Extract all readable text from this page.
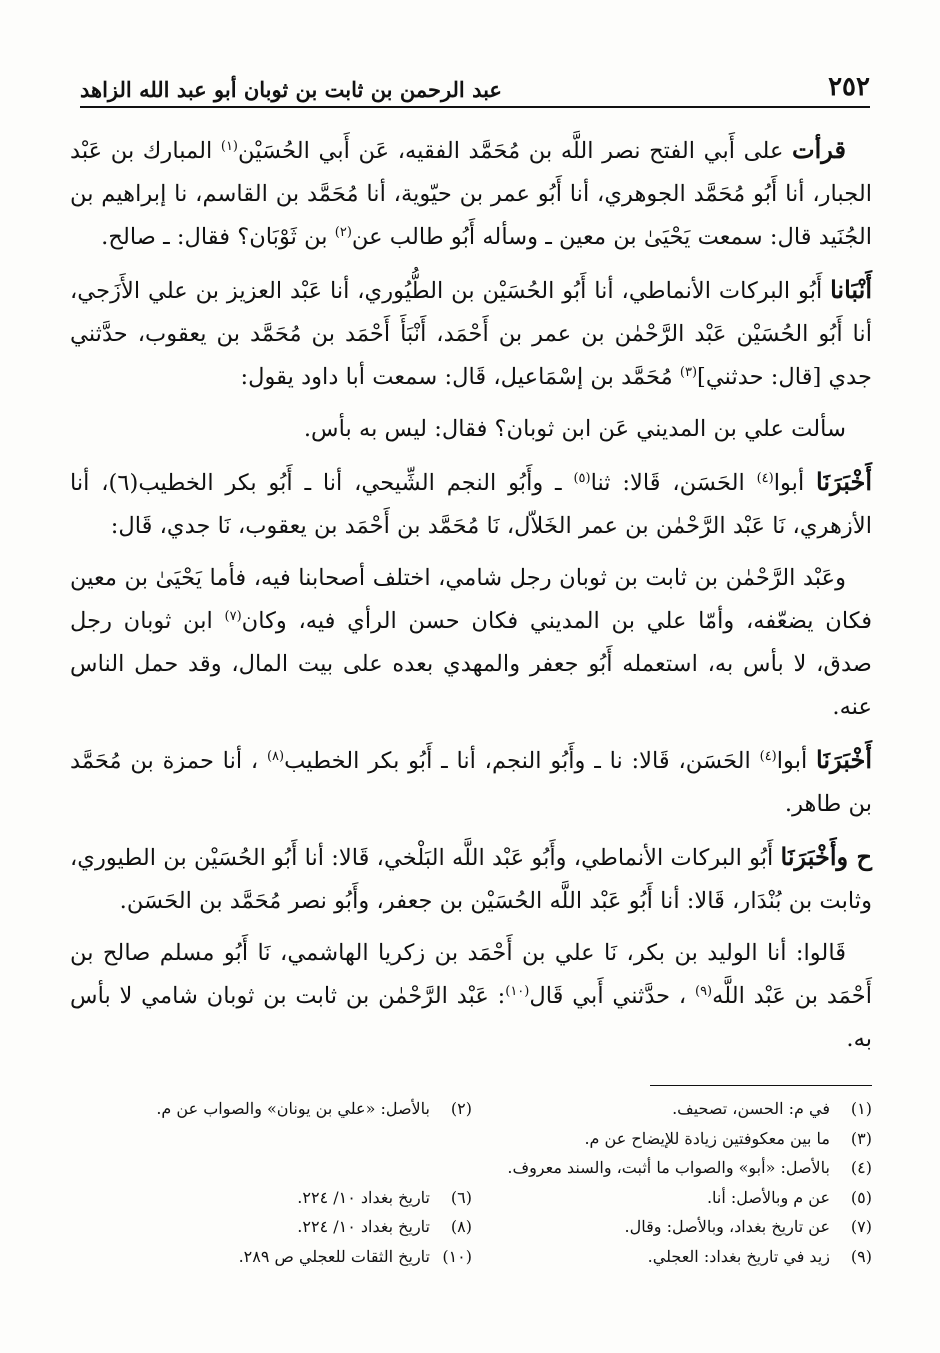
٢٥٢
عبد الرحمن بن ثابت بن ثوبان أبو عبد الله الزاهد

قرأت على أَبي الفتح نصر اللَّه بن مُحَمَّد الفقيه، عَن أَبي الحُسَيْن$^{(١)}$ المبارك بن عَبْد الجبار، أنا أَبُو مُحَمَّد الجوهري، أنا أَبُو عمر بن حيّوية، أنا مُحَمَّد بن القاسم، نا إبراهيم بن الجُنَيد قال: سمعت يَحْيَىٰ بن معين ـ وسأله أَبُو طالب عن$^{(٢)}$ بن ثَوْبَان؟ فقال: ـ صالح.

أَنْبَانا أَبُو البركات الأنماطي، أنا أَبُو الحُسَيْن بن الطُّيُوري، أنا عَبْد العزيز بن علي الأَزَجي، أنا أَبُو الحُسَيْن عَبْد الرَّحْمٰن بن عمر بن أَحْمَد، أَنْبَأَ أَحْمَد بن مُحَمَّد بن يعقوب، حدَّثني جدي [قال: حدثني]$^{(٣)}$ مُحَمَّد بن إسْمَاعيل، قَال: سمعت أبا داود يقول:

سألت علي بن المديني عَن ابن ثوبان؟ فقال: ليس به بأس.

أَخْبَرَنَا أبوا$^{(٤)}$ الحَسَن، قَالا: ثنا$^{(٥)}$ ـ وأَبُو النجم الشِّيحي، أنا ـ أَبُو بكر الخطيب(٦)، أنا الأزهري، نَا عَبْد الرَّحْمٰن بن عمر الخَلاّل، نَا مُحَمَّد بن أَحْمَد بن يعقوب، نَا جدي، قَال:

وعَبْد الرَّحْمٰن بن ثابت بن ثوبان رجل شامي، اختلف أصحابنا فيه، فأما يَحْيَىٰ بن معين فكان يضعّفه، وأمّا علي بن المديني فكان حسن الرأي فيه، وكان$^{(٧)}$ ابن ثوبان رجل صدق، لا بأس به، استعمله أَبُو جعفر والمهدي بعده على بيت المال، وقد حمل الناس عنه.

أَخْبَرَنَا أبوا$^{(٤)}$ الحَسَن، قَالا: نا ـ وأَبُو النجم، أنا ـ أَبُو بكر الخطيب$^{(٨)}$ ، أنا حمزة بن مُحَمَّد بن طاهر.

ح وأَخْبَرَنَا أَبُو البركات الأنماطي، وأَبُو عَبْد اللَّه البَلْخي، قَالا: أنا أَبُو الحُسَيْن بن الطيوري، وثابت بن بُنْدَار، قَالا: أنا أَبُو عَبْد اللَّه الحُسَيْن بن جعفر، وأَبُو نصر مُحَمَّد بن الحَسَن.

قَالوا: أنا الوليد بن بكر، نَا علي بن أَحْمَد بن زكريا الهاشمي، نَا أَبُو مسلم صالح بن أَحْمَد بن عَبْد اللَّه$^{(٩)}$ ، حدَّثني أَبي قَال$^{(١٠)}$: عَبْد الرَّحْمٰن بن ثابت بن ثوبان شامي لا بأس به.

(١)
في م: الحسن، تصحيف.
(٢)
بالأصل: «علي بن يونان» والصواب عن م.
(٣)
ما بين معكوفتين زيادة للإيضاح عن م.
(٤)
بالأصل: «أبو» والصواب ما أثبت، والسند معروف.
(٥)
عن م وبالأصل: أنا.
(٦)
تاريخ بغداد ١٠/ ٢٢٤.
(٧)
عن تاريخ بغداد، وبالأصل: وقال.
(٨)
تاريخ بغداد ١٠/ ٢٢٤.
(٩)
زيد في تاريخ بغداد: العجلي.
(١٠)
تاريخ الثقات للعجلي ص ٢٨٩.
